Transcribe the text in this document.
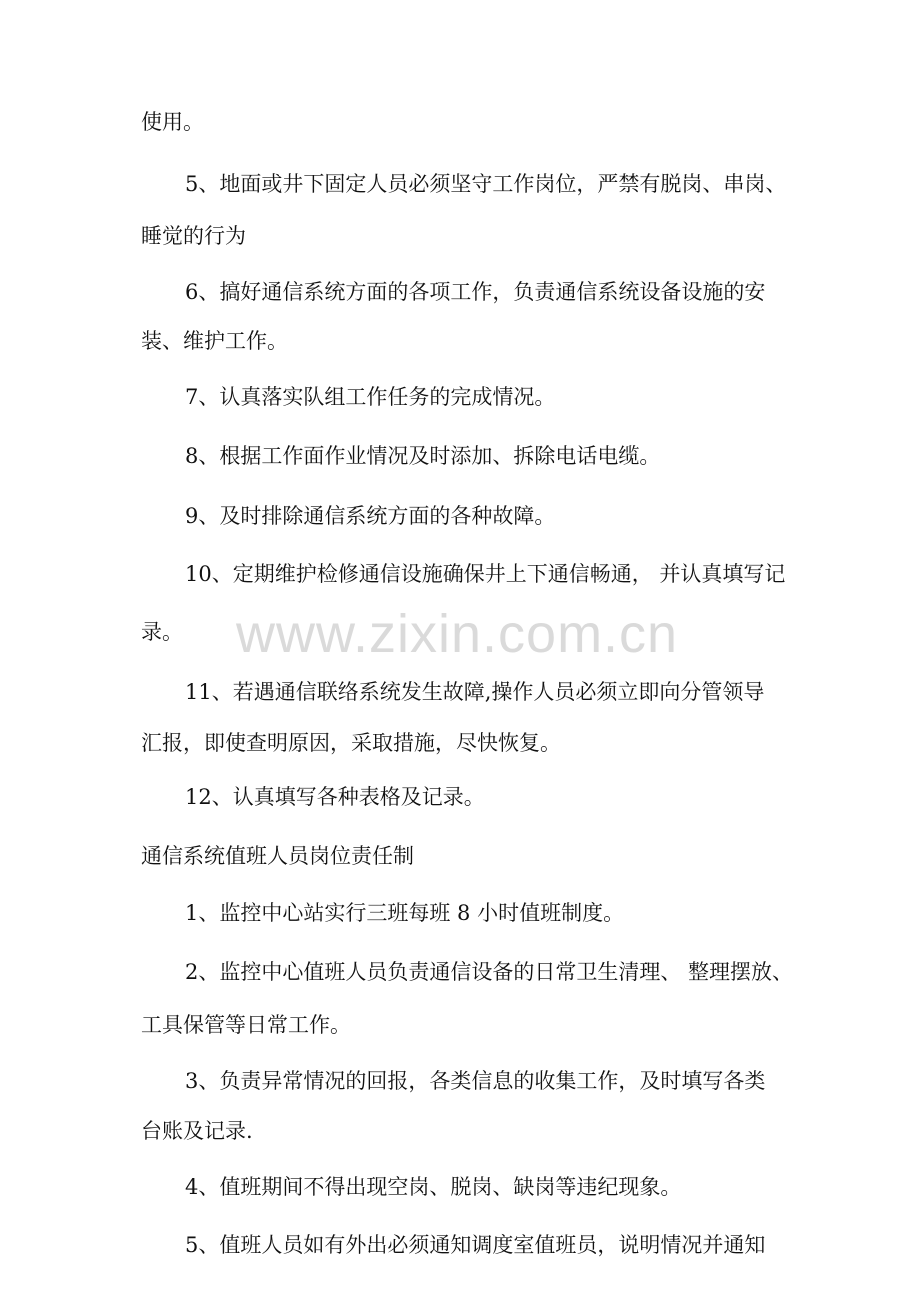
使用。
5、地面或井下固定人员必须坚守工作岗位，严禁有脱岗、串岗、
睡觉的行为
6、搞好通信系统方面的各项工作，负责通信系统设备设施的安
装、维护工作。
7、认真落实队组工作任务的完成情况。
8、根据工作面作业情况及时添加、拆除电话电缆。
9、及时排除通信系统方面的各种故障。
10、定期维护检修通信设施确保井上下通信畅通， 并认真填写记
录。
11、若遇通信联络系统发生故障,操作人员必须立即向分管领导
汇报，即使查明原因，采取措施，尽快恢复。
12、认真填写各种表格及记录。
通信系统值班人员岗位责任制
1、监控中心站实行三班每班 8 小时值班制度。
2、监控中心值班人员负责通信设备的日常卫生清理、 整理摆放、
工具保管等日常工作。
3、负责异常情况的回报，各类信息的收集工作，及时填写各类
台账及记录.
4、值班期间不得出现空岗、脱岗、缺岗等违纪现象。
5、值班人员如有外出必须通知调度室值班员，说明情况并通知
www.zixin.com.cn
